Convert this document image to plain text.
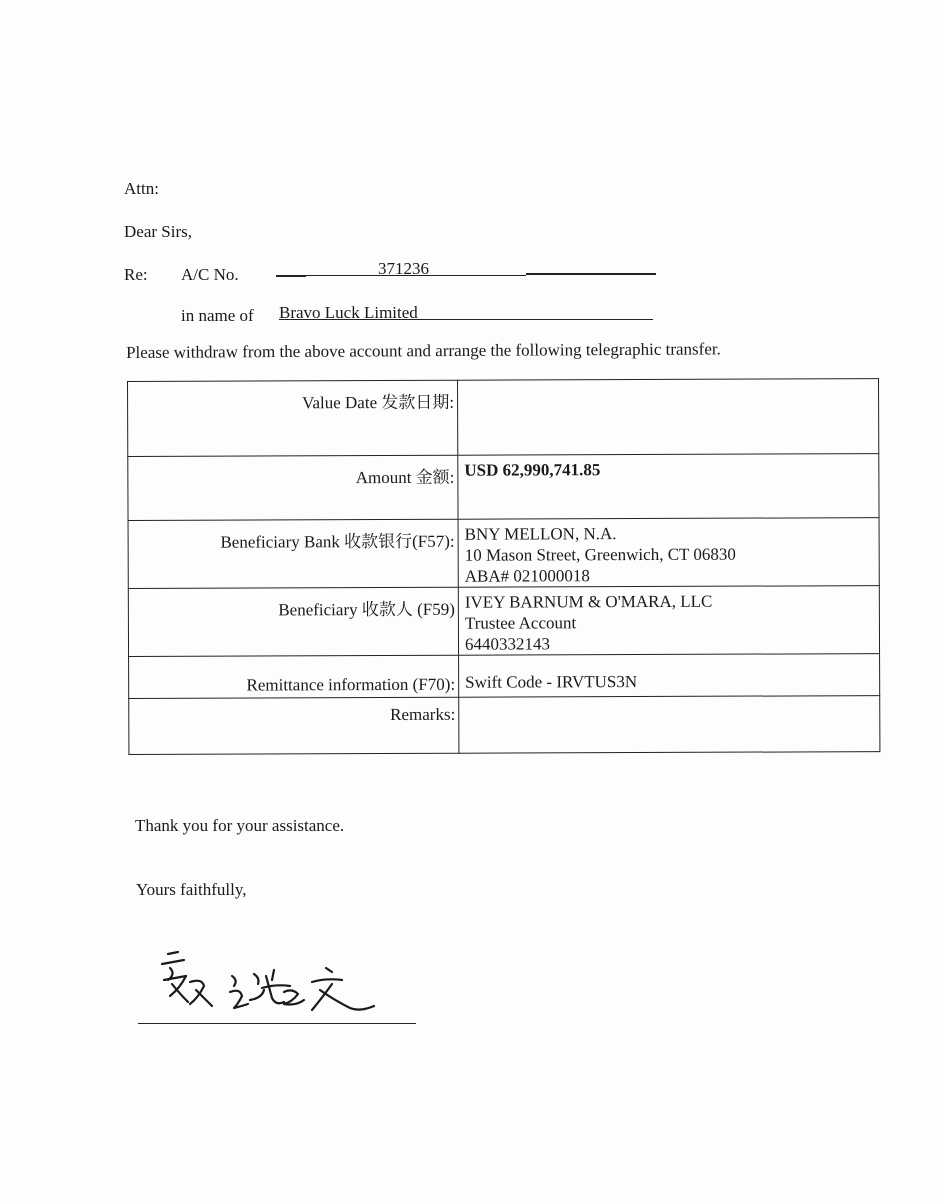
Attn:
Dear Sirs,
Re: A/C No.	371236
in name of Bravo Luck Limited
Please withdraw from the above account and arrange the following telegraphic transfer.
Value Date 发款日期:	
Amount 金额:	USD 62,990,741.85
Beneficiary Bank 收款银行(F57):	BNY MELLON, N.A.
10 Mason Street, Greenwich, CT 06830
ABA# 021000018

Beneficiary 收款人 (F59)	IVEY BARNUM & O'MARA, LLC
Trustee Account
6440332143

Remittance information (F70):	Swift Code - IRVTUS3N
Remarks:	
Thank you for your assistance.
Yours faithfully,
